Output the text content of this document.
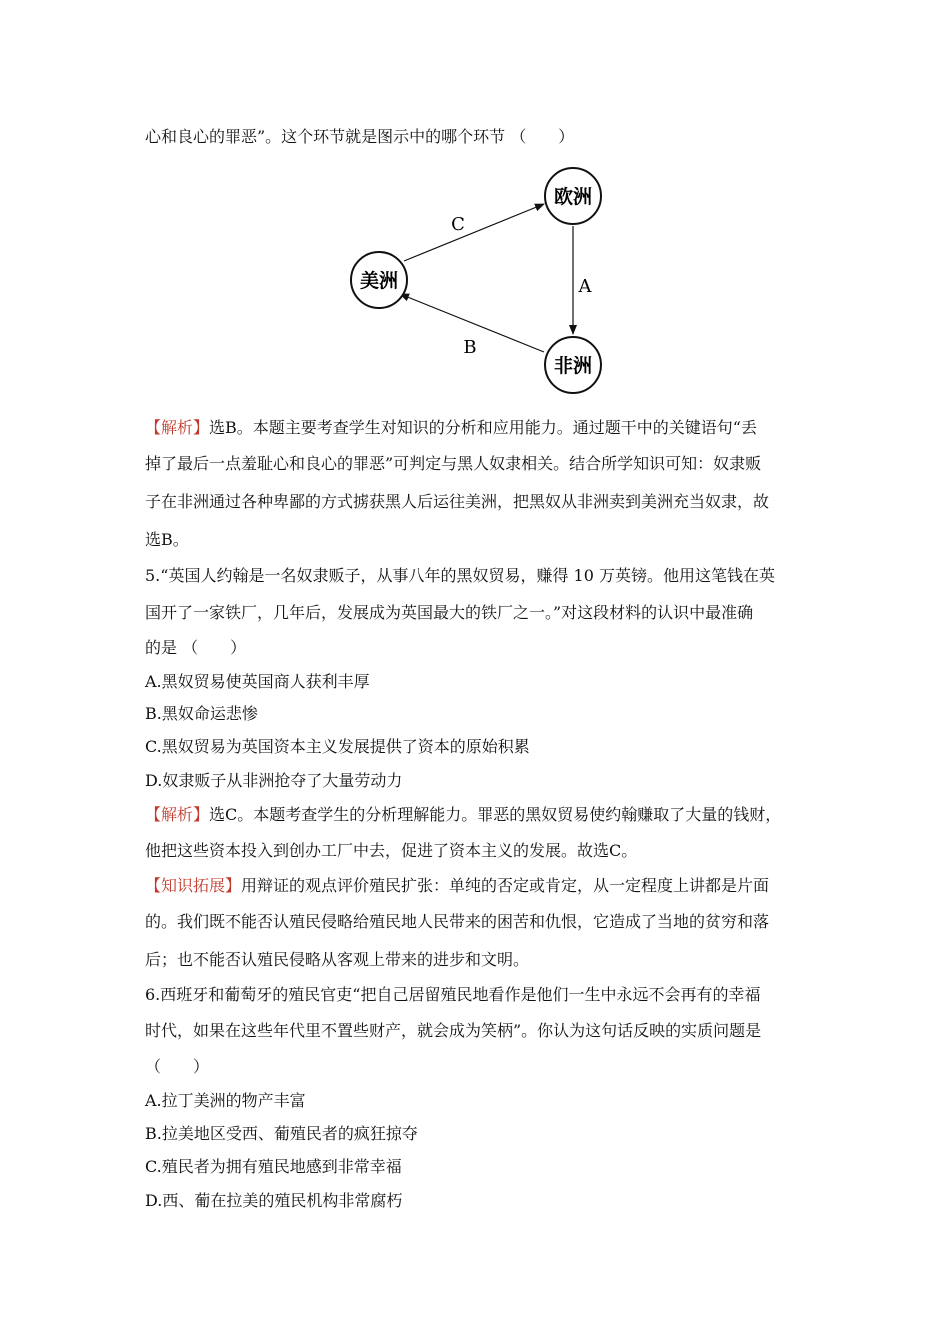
心和良心的罪恶”。这个环节就是图示中的哪个环节 （　　）
C
A
B
欧洲
美洲
非洲
【解析】选B。本题主要考查学生对知识的分析和应用能力。通过题干中的关键语句“丢
掉了最后一点羞耻心和良心的罪恶”可判定与黑人奴隶相关。结合所学知识可知：奴隶贩
子在非洲通过各种卑鄙的方式掳获黑人后运往美洲，把黑奴从非洲卖到美洲充当奴隶，故
选B。
5.“英国人约翰是一名奴隶贩子，从事八年的黑奴贸易，赚得 10 万英镑。他用这笔钱在英
国开了一家铁厂，几年后，发展成为英国最大的铁厂之一。”对这段材料的认识中最准确
的是 （　　）
A.黑奴贸易使英国商人获利丰厚
B.黑奴命运悲惨
C.黑奴贸易为英国资本主义发展提供了资本的原始积累
D.奴隶贩子从非洲抢夺了大量劳动力
【解析】选C。本题考查学生的分析理解能力。罪恶的黑奴贸易使约翰赚取了大量的钱财，
他把这些资本投入到创办工厂中去，促进了资本主义的发展。故选C。
【知识拓展】用辩证的观点评价殖民扩张：单纯的否定或肯定，从一定程度上讲都是片面
的。我们既不能否认殖民侵略给殖民地人民带来的困苦和仇恨，它造成了当地的贫穷和落
后；也不能否认殖民侵略从客观上带来的进步和文明。
6.西班牙和葡萄牙的殖民官吏“把自己居留殖民地看作是他们一生中永远不会再有的幸福
时代，如果在这些年代里不置些财产，就会成为笑柄”。你认为这句话反映的实质问题是
（　　）
A.拉丁美洲的物产丰富
B.拉美地区受西、葡殖民者的疯狂掠夺
C.殖民者为拥有殖民地感到非常幸福
D.西、葡在拉美的殖民机构非常腐朽
